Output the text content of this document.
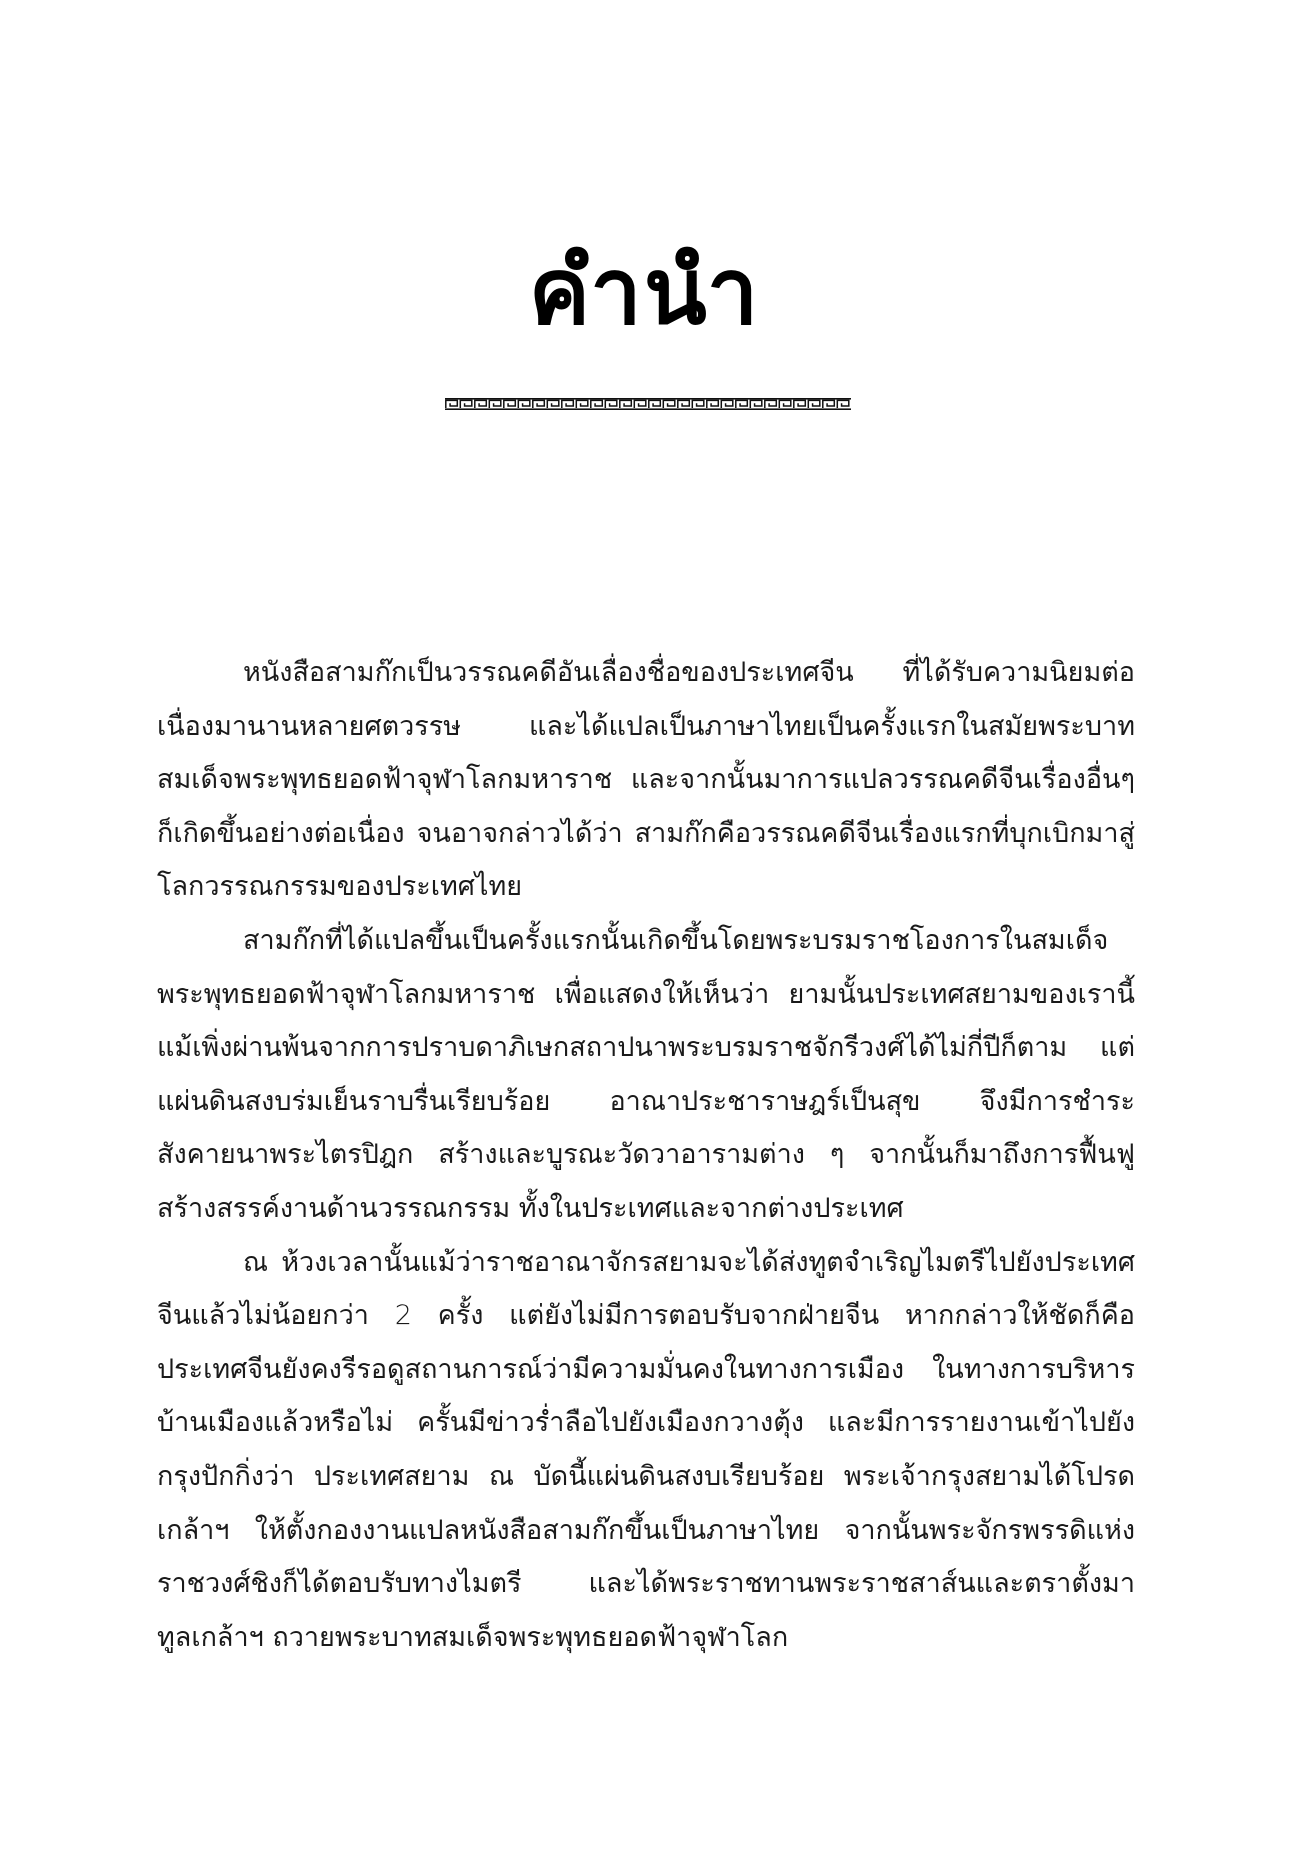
คำนำ

หนังสือสามก๊กเป็นวรรณคดีอันเลื่องชื่อของประเทศจีน ที่ได้รับความนิยมต่อเนื่องมานานหลายศตวรรษ และได้แปลเป็นภาษาไทยเป็นครั้งแรกในสมัยพระบาทสมเด็จพระพุทธยอดฟ้าจุฬาโลกมหาราช และจากนั้นมาการแปลวรรณคดีจีนเรื่องอื่นๆ ก็เกิดขึ้นอย่างต่อเนื่อง จนอาจกล่าวได้ว่า สามก๊กคือวรรณคดีจีนเรื่องแรกที่บุกเบิกมาสู่โลกวรรณกรรมของประเทศไทย

สามก๊กที่ได้แปลขึ้นเป็นครั้งแรกนั้นเกิดขึ้นโดยพระบรมราชโองการในสมเด็จพระพุทธยอดฟ้าจุฬาโลกมหาราช เพื่อแสดงให้เห็นว่า ยามนั้นประเทศสยามของเรานี้แม้เพิ่งผ่านพ้นจากการปราบดาภิเษกสถาปนาพระบรมราชจักรีวงศ์ได้ไม่กี่ปีก็ตาม แต่แผ่นดินสงบร่มเย็นราบรื่นเรียบร้อย อาณาประชาราษฎร์เป็นสุข จึงมีการชำระสังคายนาพระไตรปิฎก สร้างและบูรณะวัดวาอารามต่าง ๆ จากนั้นก็มาถึงการฟื้นฟูสร้างสรรค์งานด้านวรรณกรรม ทั้งในประเทศและจากต่างประเทศ

ณ ห้วงเวลานั้นแม้ว่าราชอาณาจักรสยามจะได้ส่งทูตจำเริญไมตรีไปยังประเทศจีนแล้วไม่น้อยกว่า 2 ครั้ง แต่ยังไม่มีการตอบรับจากฝ่ายจีน หากกล่าวให้ชัดก็คือ ประเทศจีนยังคงรีรอดูสถานการณ์ว่ามีความมั่นคงในทางการเมือง ในทางการบริหารบ้านเมืองแล้วหรือไม่ ครั้นมีข่าวร่ำลือไปยังเมืองกวางตุ้ง และมีการรายงานเข้าไปยังกรุงปักกิ่งว่า ประเทศสยาม ณ บัดนี้แผ่นดินสงบเรียบร้อย พระเจ้ากรุงสยามได้โปรดเกล้าฯ ให้ตั้งกองงานแปลหนังสือสามก๊กขึ้นเป็นภาษาไทย จากนั้นพระจักรพรรดิแห่งราชวงศ์ชิงก็ได้ตอบรับทางไมตรี และได้พระราชทานพระราชสาส์นและตราตั้งมาทูลเกล้าฯ ถวายพระบาทสมเด็จพระพุทธยอดฟ้าจุฬาโลก
